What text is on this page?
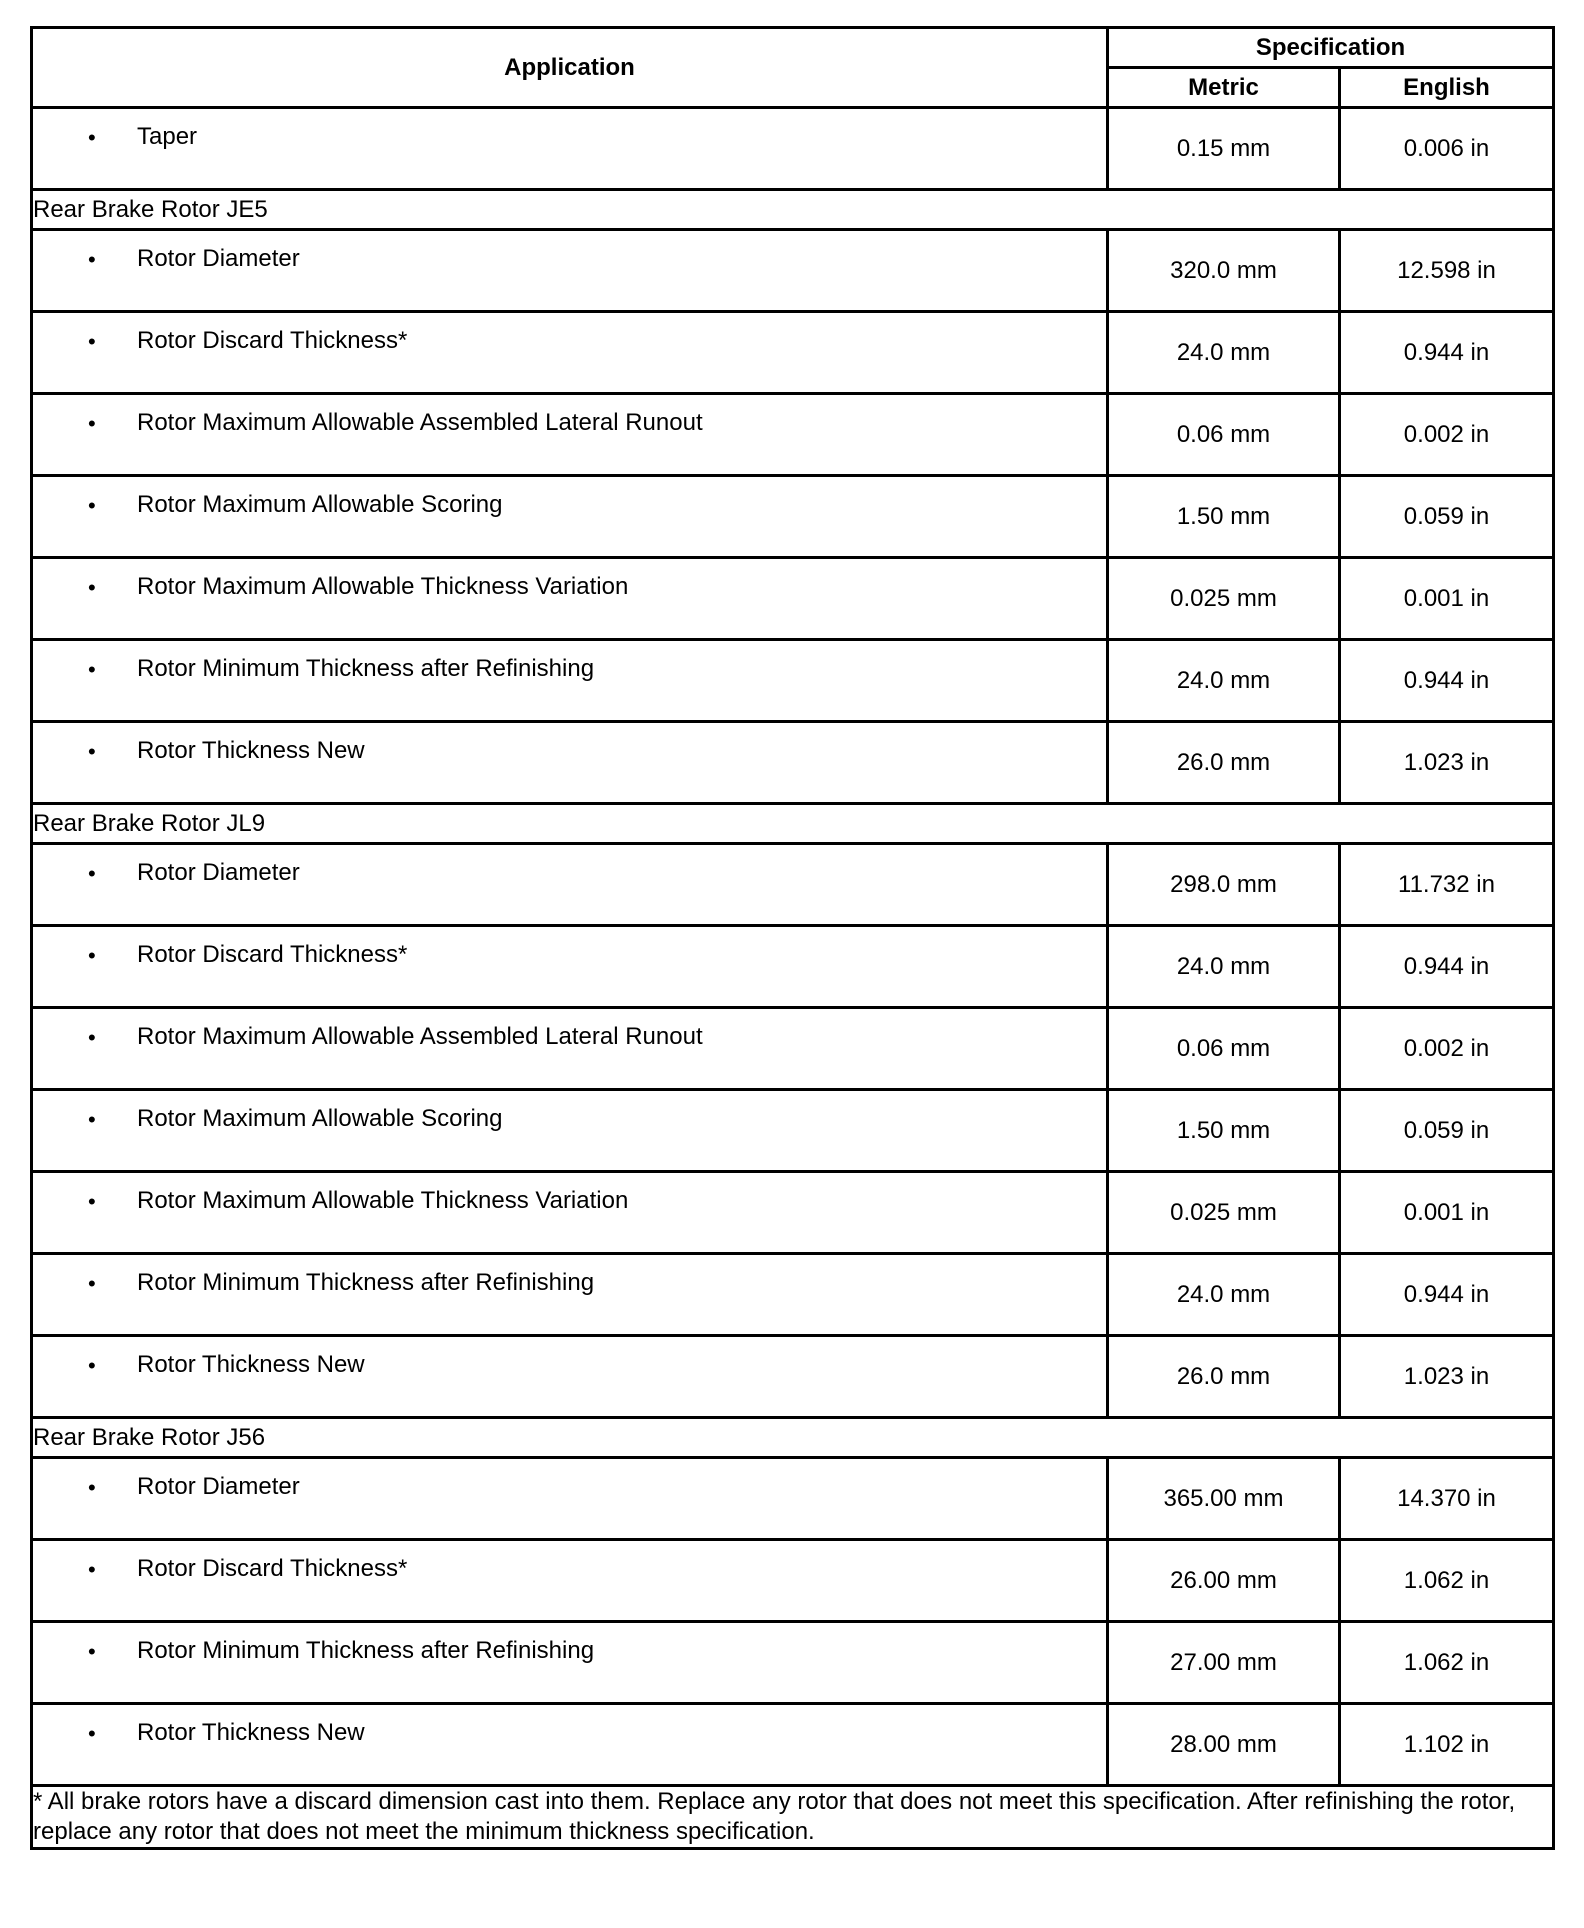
Application	Specification	
	Metric	English

• Taper	0.15 mm	0.006 in
Rear Brake Rotor JE5		

• Rotor Diameter	320.0 mm	12.598 in

• Rotor Discard Thickness*	24.0 mm	0.944 in

• Rotor Maximum Allowable Assembled Lateral Runout	0.06 mm	0.002 in

• Rotor Maximum Allowable Scoring	1.50 mm	0.059 in

• Rotor Maximum Allowable Thickness Variation	0.025 mm	0.001 in

• Rotor Minimum Thickness after Refinishing	24.0 mm	0.944 in

• Rotor Thickness New	26.0 mm	1.023 in
Rear Brake Rotor JL9		

• Rotor Diameter	298.0 mm	11.732 in

• Rotor Discard Thickness*	24.0 mm	0.944 in

• Rotor Maximum Allowable Assembled Lateral Runout	0.06 mm	0.002 in

• Rotor Maximum Allowable Scoring	1.50 mm	0.059 in

• Rotor Maximum Allowable Thickness Variation	0.025 mm	0.001 in

• Rotor Minimum Thickness after Refinishing	24.0 mm	0.944 in

• Rotor Thickness New	26.0 mm	1.023 in
Rear Brake Rotor J56		

• Rotor Diameter	365.00 mm	14.370 in

• Rotor Discard Thickness*	26.00 mm	1.062 in

• Rotor Minimum Thickness after Refinishing	27.00 mm	1.062 in

• Rotor Thickness New	28.00 mm	1.102 in
* All brake rotors have a discard dimension cast into them. Replace any rotor that does not meet this specification. After refinishing the rotor, replace any rotor that does not meet the minimum thickness specification.		
